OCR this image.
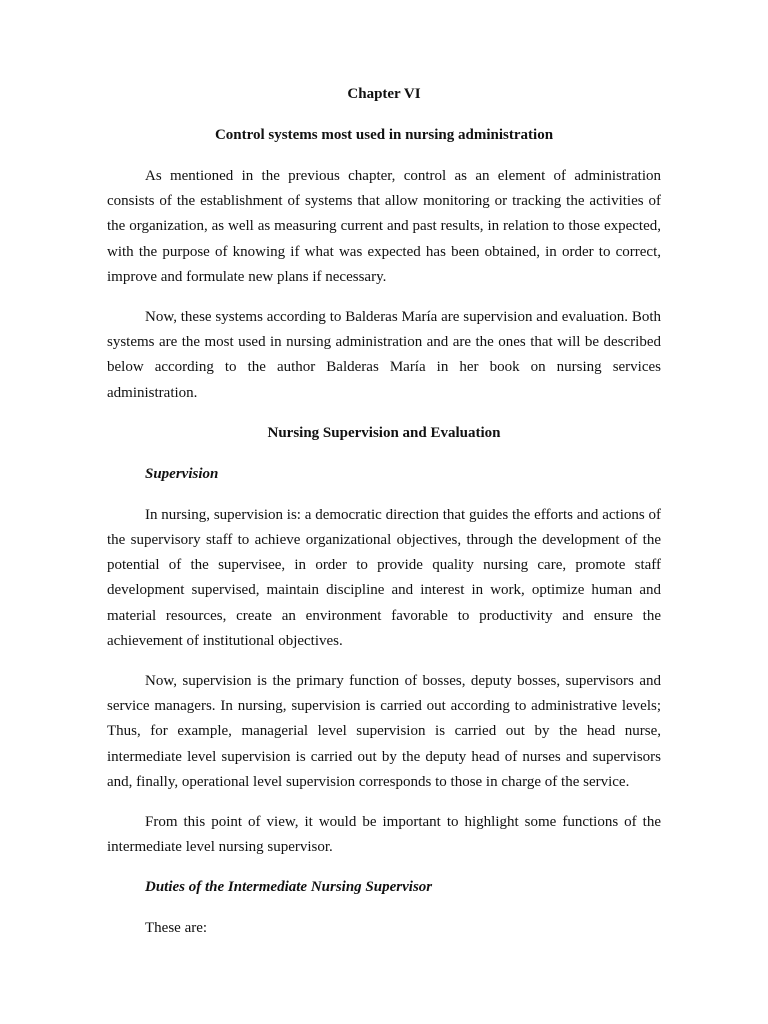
Chapter VI
Control systems most used in nursing administration

As mentioned in the previous chapter, control as an element of administration consists of the establishment of systems that allow monitoring or tracking the activities of the organization, as well as measuring current and past results, in relation to those expected, with the purpose of knowing if what was expected has been obtained, in order to correct, improve and formulate new plans if necessary.

Now, these systems according to Balderas María are supervision and evaluation. Both systems are the most used in nursing administration and are the ones that will be described below according to the author Balderas María in her book on nursing services administration.

Nursing Supervision and Evaluation
Supervision

In nursing, supervision is: a democratic direction that guides the efforts and actions of the supervisory staff to achieve organizational objectives, through the development of the potential of the supervisee, in order to provide quality nursing care, promote staff development supervised, maintain discipline and interest in work, optimize human and material resources, create an environment favorable to productivity and ensure the achievement of institutional objectives.

Now, supervision is the primary function of bosses, deputy bosses, supervisors and service managers. In nursing, supervision is carried out according to administrative levels; Thus, for example, managerial level supervision is carried out by the head nurse, intermediate level supervision is carried out by the deputy head of nurses and supervisors and, finally, operational level supervision corresponds to those in charge of the service.

From this point of view, it would be important to highlight some functions of the intermediate level nursing supervisor.

Duties of the Intermediate Nursing Supervisor
These are:
